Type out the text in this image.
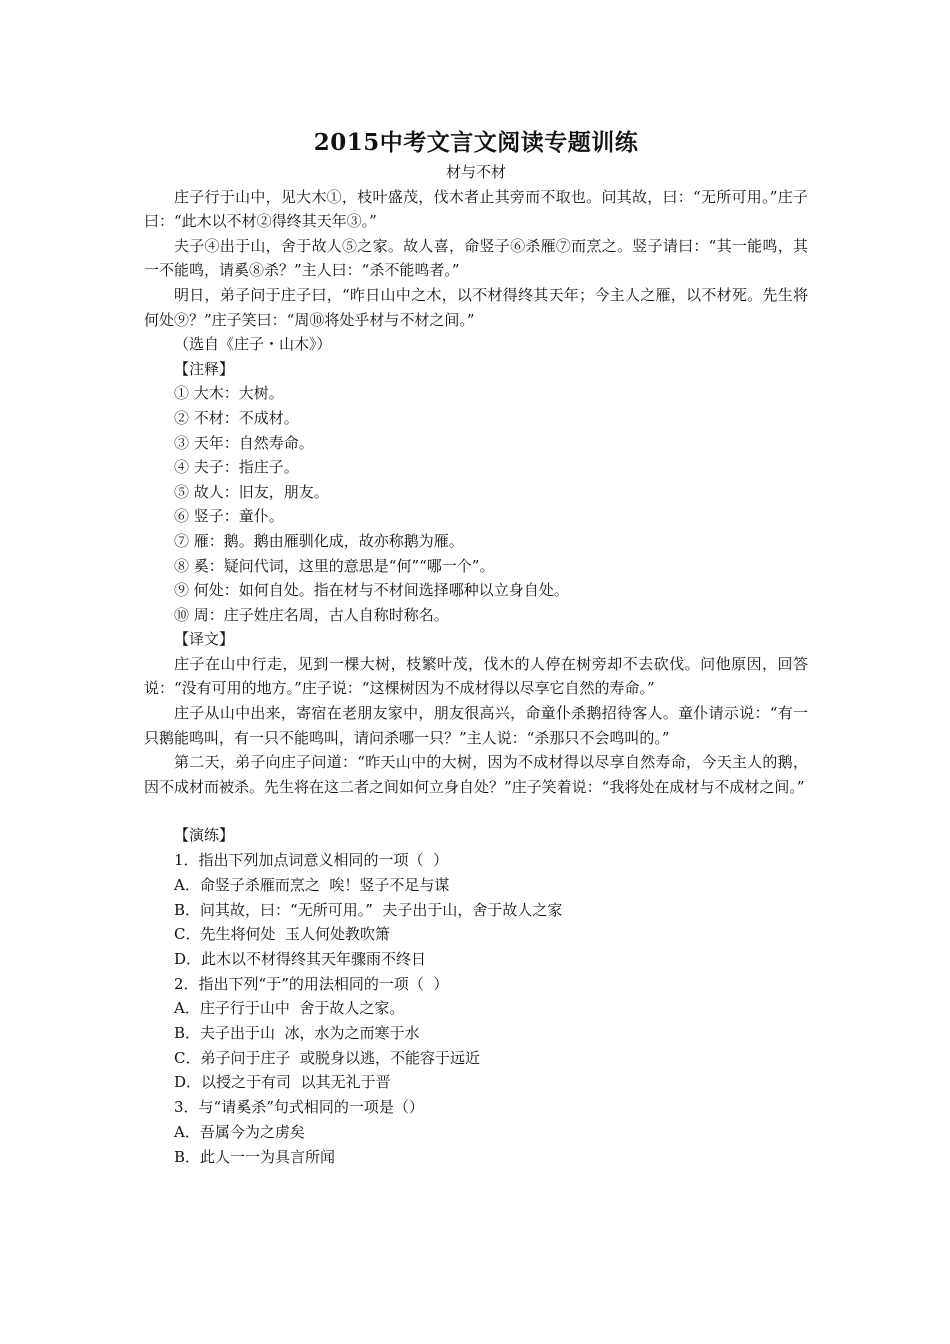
2015中考文言文阅读专题训练
材与不材

庄子行于山中，见大木①，枝叶盛茂，伐木者止其旁而不取也。问其故，曰：“无所可用。”庄子曰：“此木以不材②得终其天年③。”

夫子④出于山，舍于故人⑤之家。故人喜，命竖子⑥杀雁⑦而烹之。竖子请曰：“其一能鸣，其一不能鸣，请奚⑧杀？”主人曰：“杀不能鸣者。”

明日，弟子问于庄子曰，“昨日山中之木，以不材得终其天年；今主人之雁，以不材死。先生将何处⑨？”庄子笑曰：“周⑩将处乎材与不材之间。”

（选自《庄子・山木》）
【注释】
① 大木：大树。
② 不材：不成材。
③ 天年：自然寿命。
④ 夫子：指庄子。
⑤ 故人：旧友，朋友。
⑥ 竖子：童仆。
⑦ 雁：鹅。鹅由雁驯化成，故亦称鹅为雁。
⑧ 奚：疑问代词，这里的意思是“何”“哪一个”。
⑨ 何处：如何自处。指在材与不材间选择哪种以立身自处。
⑩ 周：庄子姓庄名周，古人自称时称名。
【译文】

庄子在山中行走，见到一棵大树，枝繁叶茂，伐木的人停在树旁却不去砍伐。问他原因，回答说：“没有可用的地方。”庄子说：“这棵树因为不成材得以尽享它自然的寿命。”

庄子从山中出来，寄宿在老朋友家中，朋友很高兴，命童仆杀鹅招待客人。童仆请示说：“有一只鹅能鸣叫，有一只不能鸣叫，请问杀哪一只？”主人说：“杀那只不会鸣叫的。”

第二天，弟子向庄子问道：“昨天山中的大树，因为不成材得以尽享自然寿命，今天主人的鹅，因不成材而被杀。先生将在这二者之间如何立身自处？”庄子笑着说：“我将处在成材与不成材之间。”

【演练】
1．指出下列加点词意义相同的一项（  ）
A．命竖子杀雁而烹之  唉！竖子不足与谋
B．问其故，曰：“无所可用。”  夫子出于山，舍于故人之家
C．先生将何处  玉人何处教吹箫
D．此木以不材得终其天年骤雨不终日
2．指出下列“于”的用法相同的一项（  ）
A．庄子行于山中  舍于故人之家。
B．夫子出于山  冰，水为之而寒于水
C．弟子问于庄子  或脱身以逃，不能容于远近
D．以授之于有司  以其无礼于晋
3．与“请奚杀”句式相同的一项是（）
A．吾属今为之虏矣
B．此人一一为具言所闻
